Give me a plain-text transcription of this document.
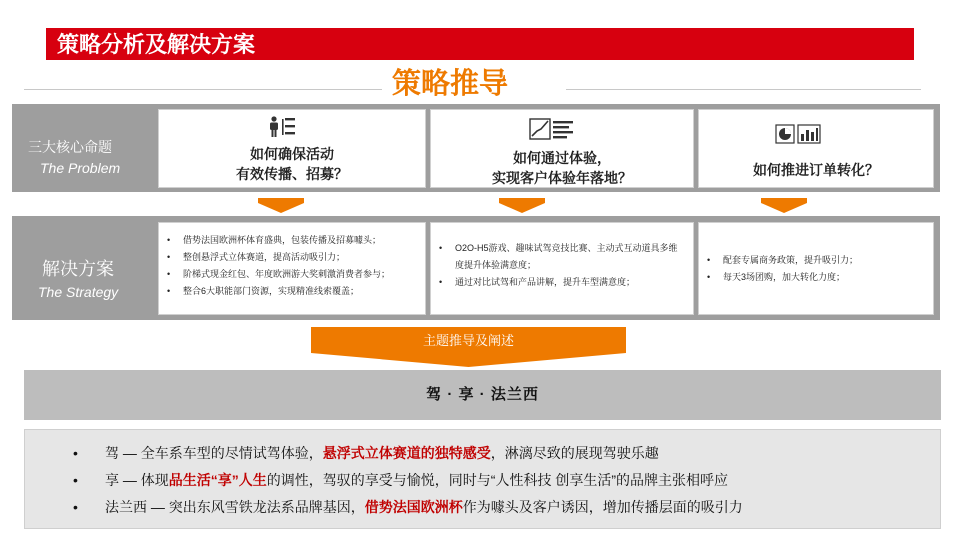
策略分析及解决方案
策略推导
三大核心命题
The Problem
如何确保活动
有效传播、招募？
如何通过体验，
实现客户体验年落地？	如何推进订单转化？
解决方案
The Strategy
• 借势法国欧洲杯体育盛典，包装传播及招募噱头；
• 整创悬浮式立体赛道，提高活动吸引力；
• 阶梯式现金红包、年度欧洲游大奖刺激消费者参与；
• 整合6大职能部门资源，实现精准线索覆盖；
• O2O-H5游戏、趣味试驾竞技比赛、主动式互动道具多维度提升体验满意度；
• 通过对比试驾和产品讲解，提升车型满意度；
• 配套专属商务政策，提升吸引力；
• 每天3场团购，加大转化力度；
主题推导及阐述
驾 · 享 · 法兰西
• 驾 — 全车系车型的尽情试驾体验，悬浮式立体赛道的独特感受，淋漓尽致的展现驾驶乐趣
• 享 — 体现品生活“享”人生的调性，驾驭的享受与愉悦，同时与“人性科技 创享生活”的品牌主张相呼应
• 法兰西 — 突出东风雪铁龙法系品牌基因，借势法国欧洲杯作为噱头及客户诱因，增加传播层面的吸引力
